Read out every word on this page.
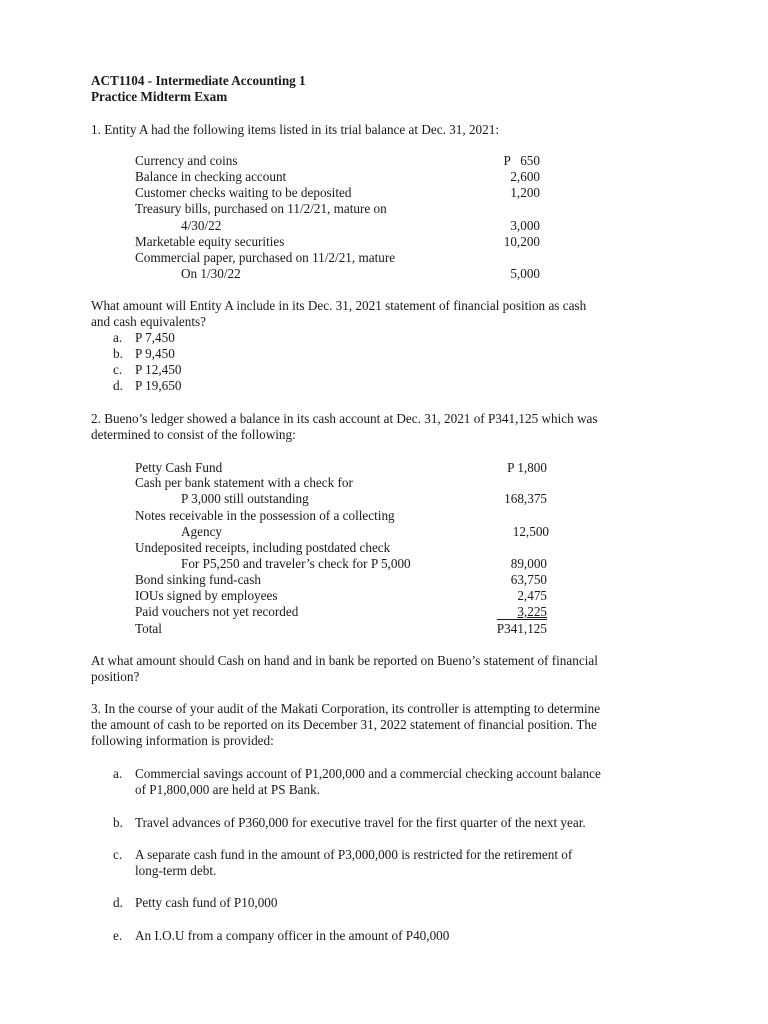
ACT1104 - Intermediate Accounting 1
Practice Midterm Exam
1. Entity A had the following items listed in its trial balance at Dec. 31, 2021:
Currency and coins	P   650
Balance in checking account	2,600
Customer checks waiting to be deposited	1,200
Treasury bills, purchased on 11/2/21, mature on
4/30/22	3,000
Marketable equity securities	10,200
Commercial paper, purchased on 11/2/21, mature
On 1/30/22	5,000
What amount will Entity A include in its Dec. 31, 2021 statement of financial position as cash
and cash equivalents?
a. P 7,450
b. P 9,450
c. P 12,450
d. P 19,650
2. Bueno’s ledger showed a balance in its cash account at Dec. 31, 2021 of P341,125 which was
determined to consist of the following:
Petty Cash Fund	P 1,800
Cash per bank statement with a check for
P 3,000 still outstanding	168,375
Notes receivable in the possession of a collecting
Agency	12,500
Undeposited receipts, including postdated check
For P5,250 and traveler’s check for P 5,000	89,000
Bond sinking fund-cash	63,750
IOUs signed by employees	2,475
Paid vouchers not yet recorded	3,225
Total	P341,125
At what amount should Cash on hand and in bank be reported on Bueno’s statement of financial
position?
3. In the course of your audit of the Makati Corporation, its controller is attempting to determine
the amount of cash to be reported on its December 31, 2022 statement of financial position. The
following information is provided:
a. Commercial savings account of P1,200,000 and a commercial checking account balance
of P1,800,000 are held at PS Bank.
b. Travel advances of P360,000 for executive travel for the first quarter of the next year.
c. A separate cash fund in the amount of P3,000,000 is restricted for the retirement of
long-term debt.
d. Petty cash fund of P10,000
e. An I.O.U from a company officer in the amount of P40,000
